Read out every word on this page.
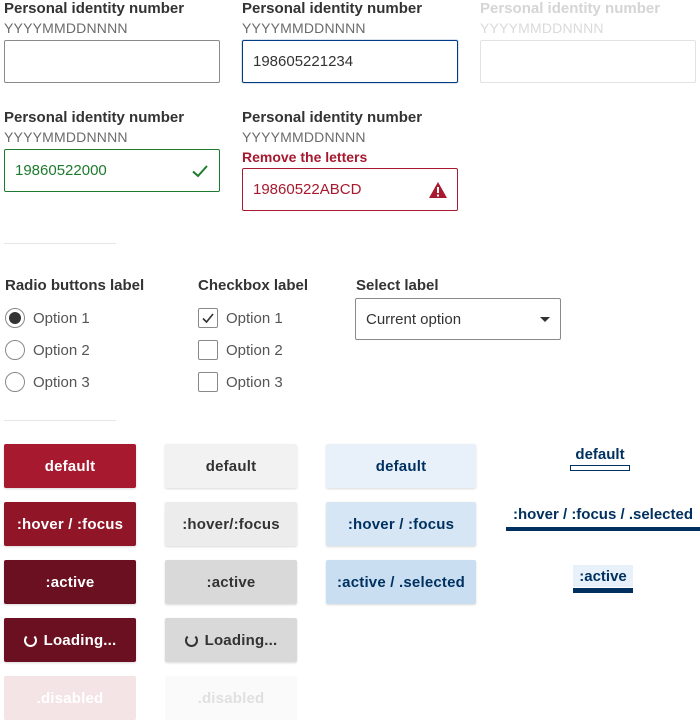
Personal identity number
YYYYMMDDNNNN
Personal identity number
YYYYMMDDNNNN
198605221234
Personal identity number
YYYYMMDDNNNN
Personal identity number
YYYYMMDDNNNN
19860522000
Personal identity number
YYYYMMDDNNNN
Remove the letters
19860522ABCD
Radio buttons label
Option 1
Option 2
Option 3
Checkbox label
Option 1
Option 2
Option 3
Select label
Current option
default
:hover / :focus
:active
Loading...
.disabled
default
:hover/:focus
:active
Loading...
.disabled
default
:hover / :focus
:active / .selected
default
:hover / :focus / .selected
:active
